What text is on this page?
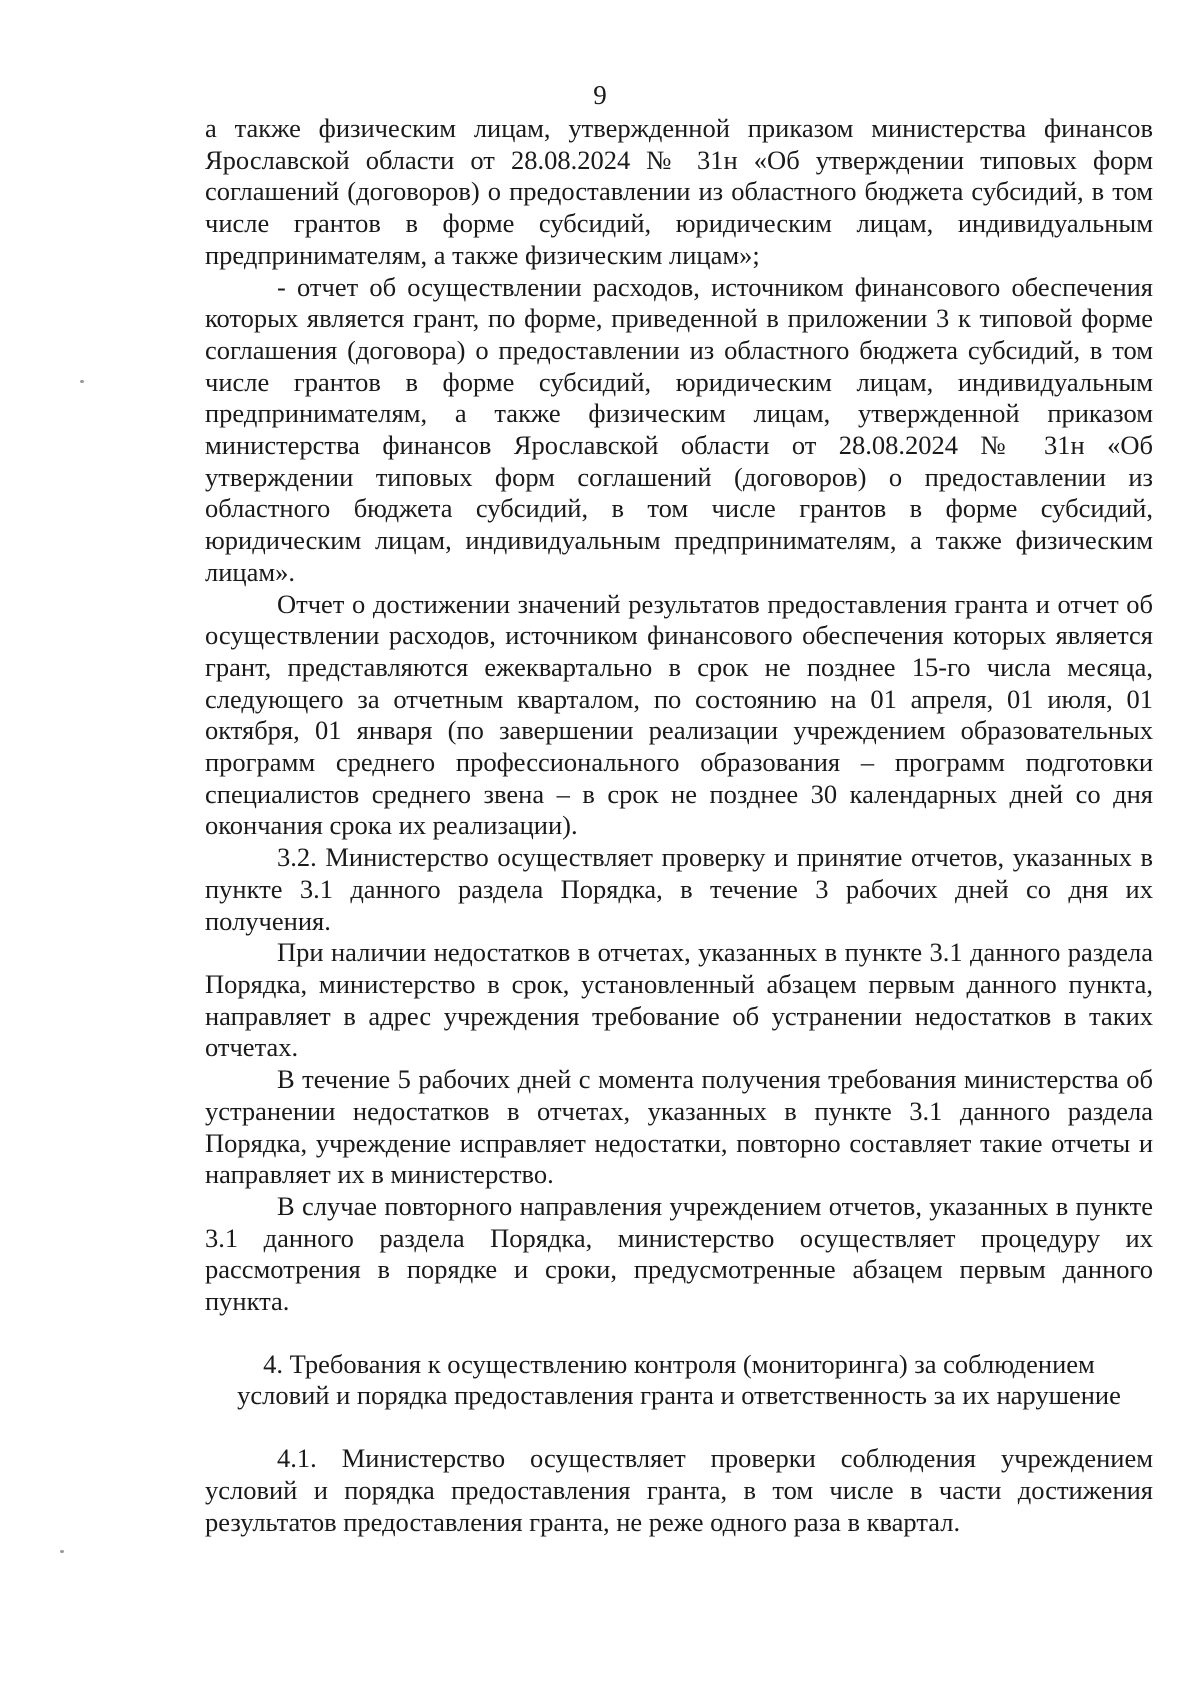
9

а также физическим лицам, утвержденной приказом министерства финансов Ярославской области от 28.08.2024 № 31н «Об утверждении типовых форм соглашений (договоров) о предоставлении из областного бюджета субсидий, в том числе грантов в форме субсидий, юридическим лицам, индивидуальным предпринимателям, а также физическим лицам»;

- отчет об осуществлении расходов, источником финансового обеспечения которых является грант, по форме, приведенной в приложении 3 к типовой форме соглашения (договора) о предоставлении из областного бюджета субсидий, в том числе грантов в форме субсидий, юридическим лицам, индивидуальным предпринимателям, а также физическим лицам, утвержденной приказом министерства финансов Ярославской области от 28.08.2024 № 31н «Об утверждении типовых форм соглашений (договоров) о предоставлении из областного бюджета субсидий, в том числе грантов в форме субсидий, юридическим лицам, индивидуальным предпринимателям, а также физическим лицам».

Отчет о достижении значений результатов предоставления гранта и отчет об осуществлении расходов, источником финансового обеспечения которых является грант, представляются ежеквартально в срок не позднее 15-го числа месяца, следующего за отчетным кварталом, по состоянию на 01 апреля, 01 июля, 01 октября, 01 января (по завершении реализации учреждением образовательных программ среднего профессионального образования – программ подготовки специалистов среднего звена – в срок не позднее 30 календарных дней со дня окончания срока их реализации).

3.2. Министерство осуществляет проверку и принятие отчетов, указанных в пункте 3.1 данного раздела Порядка, в течение 3 рабочих дней со дня их получения.

При наличии недостатков в отчетах, указанных в пункте 3.1 данного раздела Порядка, министерство в срок, установленный абзацем первым данного пункта, направляет в адрес учреждения требование об устранении недостатков в таких отчетах.

В течение 5 рабочих дней с момента получения требования министерства об устранении недостатков в отчетах, указанных в пункте 3.1 данного раздела Порядка, учреждение исправляет недостатки, повторно составляет такие отчеты и направляет их в министерство.

В случае повторного направления учреждением отчетов, указанных в пункте 3.1 данного раздела Порядка, министерство осуществляет процедуру их рассмотрения в порядке и сроки, предусмотренные абзацем первым данного пункта.

4. Требования к осуществлению контроля (мониторинга) за соблюдением
условий и порядка предоставления гранта и ответственность за их нарушение

4.1. Министерство осуществляет проверки соблюдения учреждением условий и порядка предоставления гранта, в том числе в части достижения результатов предоставления гранта, не реже одного раза в квартал.
